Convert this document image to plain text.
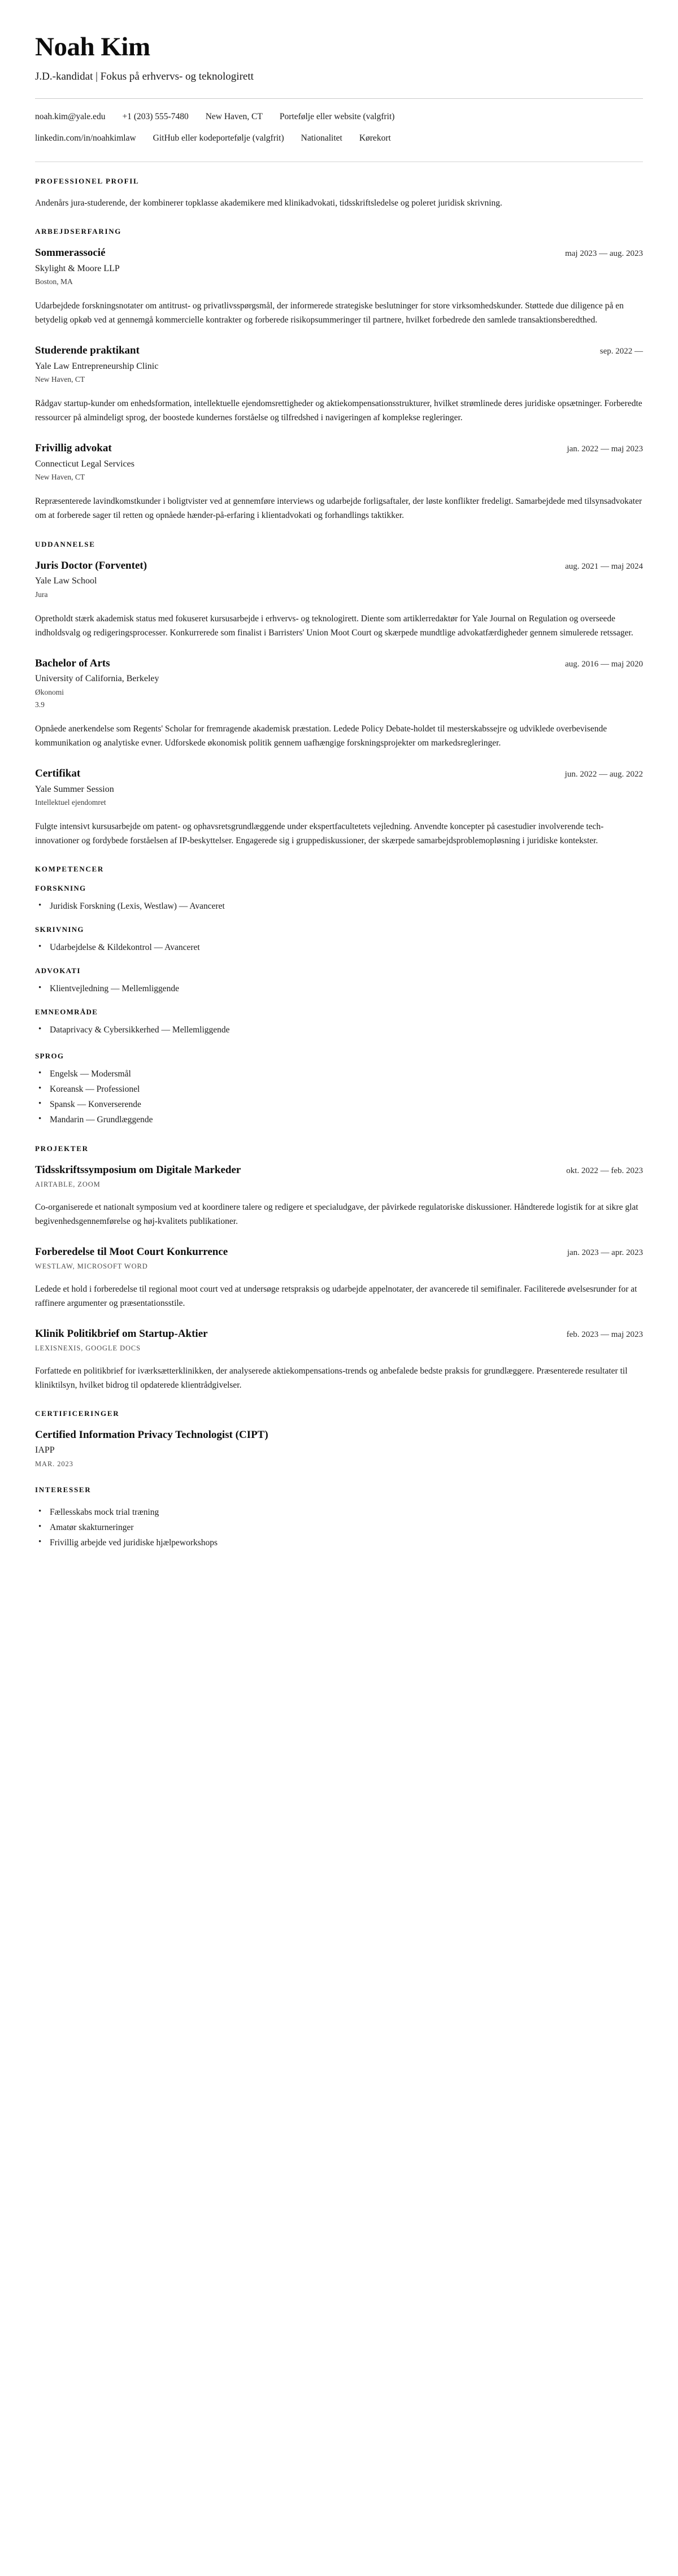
Noah Kim
J.D.-kandidat | Fokus på erhvervs- og teknologirett
noah.kim@yale.edu +1 (203) 555-7480 New Haven, CT Portefølje eller website (valgfrit)
linkedin.com/in/noahkimlaw GitHub eller kodeportefølje (valgfrit) Nationalitet Kørekort
PROFESSIONEL PROFIL
Andenårs jura-studerende, der kombinerer topklasse akademikere med klinikadvokati, tidsskriftsledelse og poleret juridisk skrivning.
ARBEJDSERFARING
Sommerassocié	maj 2023 — aug. 2023
Skylight & Moore LLP
Boston, MA
Udarbejdede forskningsnotater om antitrust- og privatlivsspørgsmål, der informerede strategiske beslutninger for store virksomhedskunder. Støttede due diligence på en betydelig opkøb ved at gennemgå kommercielle kontrakter og forberede risikopsummeringer til partnere, hvilket forbedrede den samlede transaktionsberedthed.
Studerende praktikant	sep. 2022 —
Yale Law Entrepreneurship Clinic
New Haven, CT
Rådgav startup-kunder om enhedsformation, intellektuelle ejendomsrettigheder og aktiekompensationsstrukturer, hvilket strømlinede deres juridiske opsætninger. Forberedte ressourcer på almindeligt sprog, der boostede kundernes forståelse og tilfredshed i navigeringen af komplekse regleringer.
Frivillig advokat	jan. 2022 — maj 2023
Connecticut Legal Services
New Haven, CT
Repræsenterede lavindkomstkunder i boligtvister ved at gennemføre interviews og udarbejde forligsaftaler, der løste konflikter fredeligt. Samarbejdede med tilsynsadvokater om at forberede sager til retten og opnåede hænder-på-erfaring i klientadvokati og forhandlings taktikker.
UDDANNELSE
Juris Doctor (Forventet)	aug. 2021 — maj 2024
Yale Law School
Jura
Opretholdt stærk akademisk status med fokuseret kursusarbejde i erhvervs- og teknologirett. Diente som artiklerredaktør for Yale Journal on Regulation og overseede indholdsvalg og redigeringsprocesser. Konkurrerede som finalist i Barristers' Union Moot Court og skærpede mundtlige advokatfærdigheder gennem simulerede retssager.
Bachelor of Arts	aug. 2016 — maj 2020
University of California, Berkeley
Økonomi
3.9
Opnåede anerkendelse som Regents' Scholar for fremragende akademisk præstation. Ledede Policy Debate-holdet til mesterskabssejre og udviklede overbevisende kommunikation og analytiske evner. Udforskede økonomisk politik gennem uafhængige forskningsprojekter om markedsregleringer.
Certifikat	jun. 2022 — aug. 2022
Yale Summer Session
Intellektuel ejendomret
Fulgte intensivt kursusarbejde om patent- og ophavsretsgrundlæggende under ekspertfacultetets vejledning. Anvendte koncepter på casestudier involverende tech-innovationer og fordybede forståelsen af IP-beskyttelser. Engagerede sig i gruppediskussioner, der skærpede samarbejdsproblemopløsning i juridiske kontekster.
KOMPETENCER
FORSKNING
• Juridisk Forskning (Lexis, Westlaw) — Avanceret
SKRIVNING
• Udarbejdelse & Kildekontrol — Avanceret
ADVOKATI
• Klientvejledning — Mellemliggende
EMNEOMRÅDE
• Dataprivacy & Cybersikkerhed — Mellemliggende
SPROG
• Engelsk — Modersmål
• Koreansk — Professionel
• Spansk — Konverserende
• Mandarin — Grundlæggende
PROJEKTER
Tidsskriftssymposium om Digitale Markeder	okt. 2022 — feb. 2023
AIRTABLE, ZOOM
Co-organiserede et nationalt symposium ved at koordinere talere og redigere et specialudgave, der påvirkede regulatoriske diskussioner. Håndterede logistik for at sikre glat begivenhedsgennemførelse og høj-kvalitets publikationer.
Forberedelse til Moot Court Konkurrence	jan. 2023 — apr. 2023
WESTLAW, MICROSOFT WORD
Ledede et hold i forberedelse til regional moot court ved at undersøge retspraksis og udarbejde appelnotater, der avancerede til semifinaler. Faciliterede øvelsesrunder for at raffinere argumenter og præsentationsstile.
Klinik Politikbrief om Startup-Aktier	feb. 2023 — maj 2023
LEXISNEXIS, GOOGLE DOCS
Forfattede en politikbrief for iværksætterklinikken, der analyserede aktiekompensations-trends og anbefalede bedste praksis for grundlæggere. Præsenterede resultater til kliniktilsyn, hvilket bidrog til opdaterede klientrådgivelser.
CERTIFICERINGER
Certified Information Privacy Technologist (CIPT)
IAPP
MAR. 2023
INTERESSER
• Fællesskabs mock trial træning
• Amatør skakturneringer
• Frivillig arbejde ved juridiske hjælpeworkshops
